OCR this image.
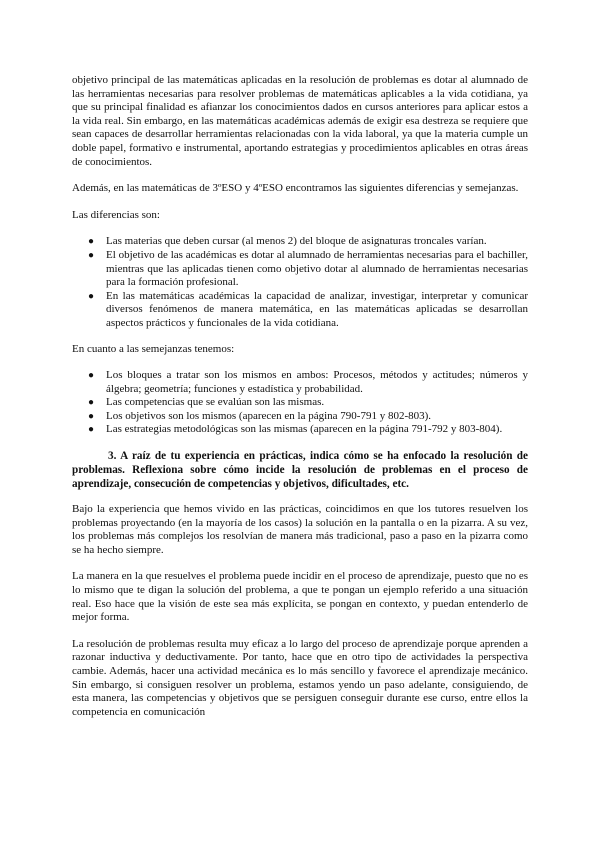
objetivo principal de las matemáticas aplicadas en la resolución de problemas es dotar al alumnado de las herramientas necesarias para resolver problemas de matemáticas aplicables a la vida cotidiana, ya que su principal finalidad es afianzar los conocimientos dados en cursos anteriores para aplicar estos a la vida real. Sin embargo, en las matemáticas académicas además de exigir esa destreza se requiere que sean capaces de desarrollar herramientas relacionadas con la vida laboral, ya que la materia cumple un doble papel, formativo e instrumental, aportando estrategias y procedimientos aplicables en otras áreas de conocimientos.

Además, en las matemáticas de 3ºESO y 4ºESO encontramos las siguientes diferencias y semejanzas.

Las diferencias son:

● Las materias que deben cursar (al menos 2) del bloque de asignaturas troncales varían.
● El objetivo de las académicas es dotar al alumnado de herramientas necesarias para el bachiller, mientras que las aplicadas tienen como objetivo dotar al alumnado de herramientas necesarias para la formación profesional.
● En las matemáticas académicas la capacidad de analizar, investigar, interpretar y comunicar diversos fenómenos de manera matemática, en las matemáticas aplicadas se desarrollan aspectos prácticos y funcionales de la vida cotidiana.

En cuanto a las semejanzas tenemos:

● Los bloques a tratar son los mismos en ambos: Procesos, métodos y actitudes; números y álgebra; geometría; funciones y estadística y probabilidad.
● Las competencias que se evalúan son las mismas.
● Los objetivos son los mismos (aparecen en la página 790-791 y 802-803).
● Las estrategias metodológicas son las mismas (aparecen en la página 791-792 y 803-804).
3. A raíz de tu experiencia en prácticas, indica cómo se ha enfocado la resolución de problemas. Reflexiona sobre cómo incide la resolución de problemas en el proceso de aprendizaje, consecución de competencias y objetivos, dificultades, etc.

Bajo la experiencia que hemos vivido en las prácticas, coincidimos en que los tutores resuelven los problemas proyectando (en la mayoría de los casos) la solución en la pantalla o en la pizarra. A su vez, los problemas más complejos los resolvían de manera más tradicional, paso a paso en la pizarra como se ha hecho siempre.

La manera en la que resuelves el problema puede incidir en el proceso de aprendizaje, puesto que no es lo mismo que te digan la solución del problema, a que te pongan un ejemplo referido a una situación real. Eso hace que la visión de este sea más explícita, se pongan en contexto, y puedan entenderlo de mejor forma.

La resolución de problemas resulta muy eficaz a lo largo del proceso de aprendizaje porque aprenden a razonar inductiva y deductivamente. Por tanto, hace que en otro tipo de actividades la perspectiva cambie. Además, hacer una actividad mecánica es lo más sencillo y favorece el aprendizaje mecánico. Sin embargo, si consiguen resolver un problema, estamos yendo un paso adelante, consiguiendo, de esta manera, las competencias y objetivos que se persiguen conseguir durante ese curso, entre ellos la competencia en comunicación
